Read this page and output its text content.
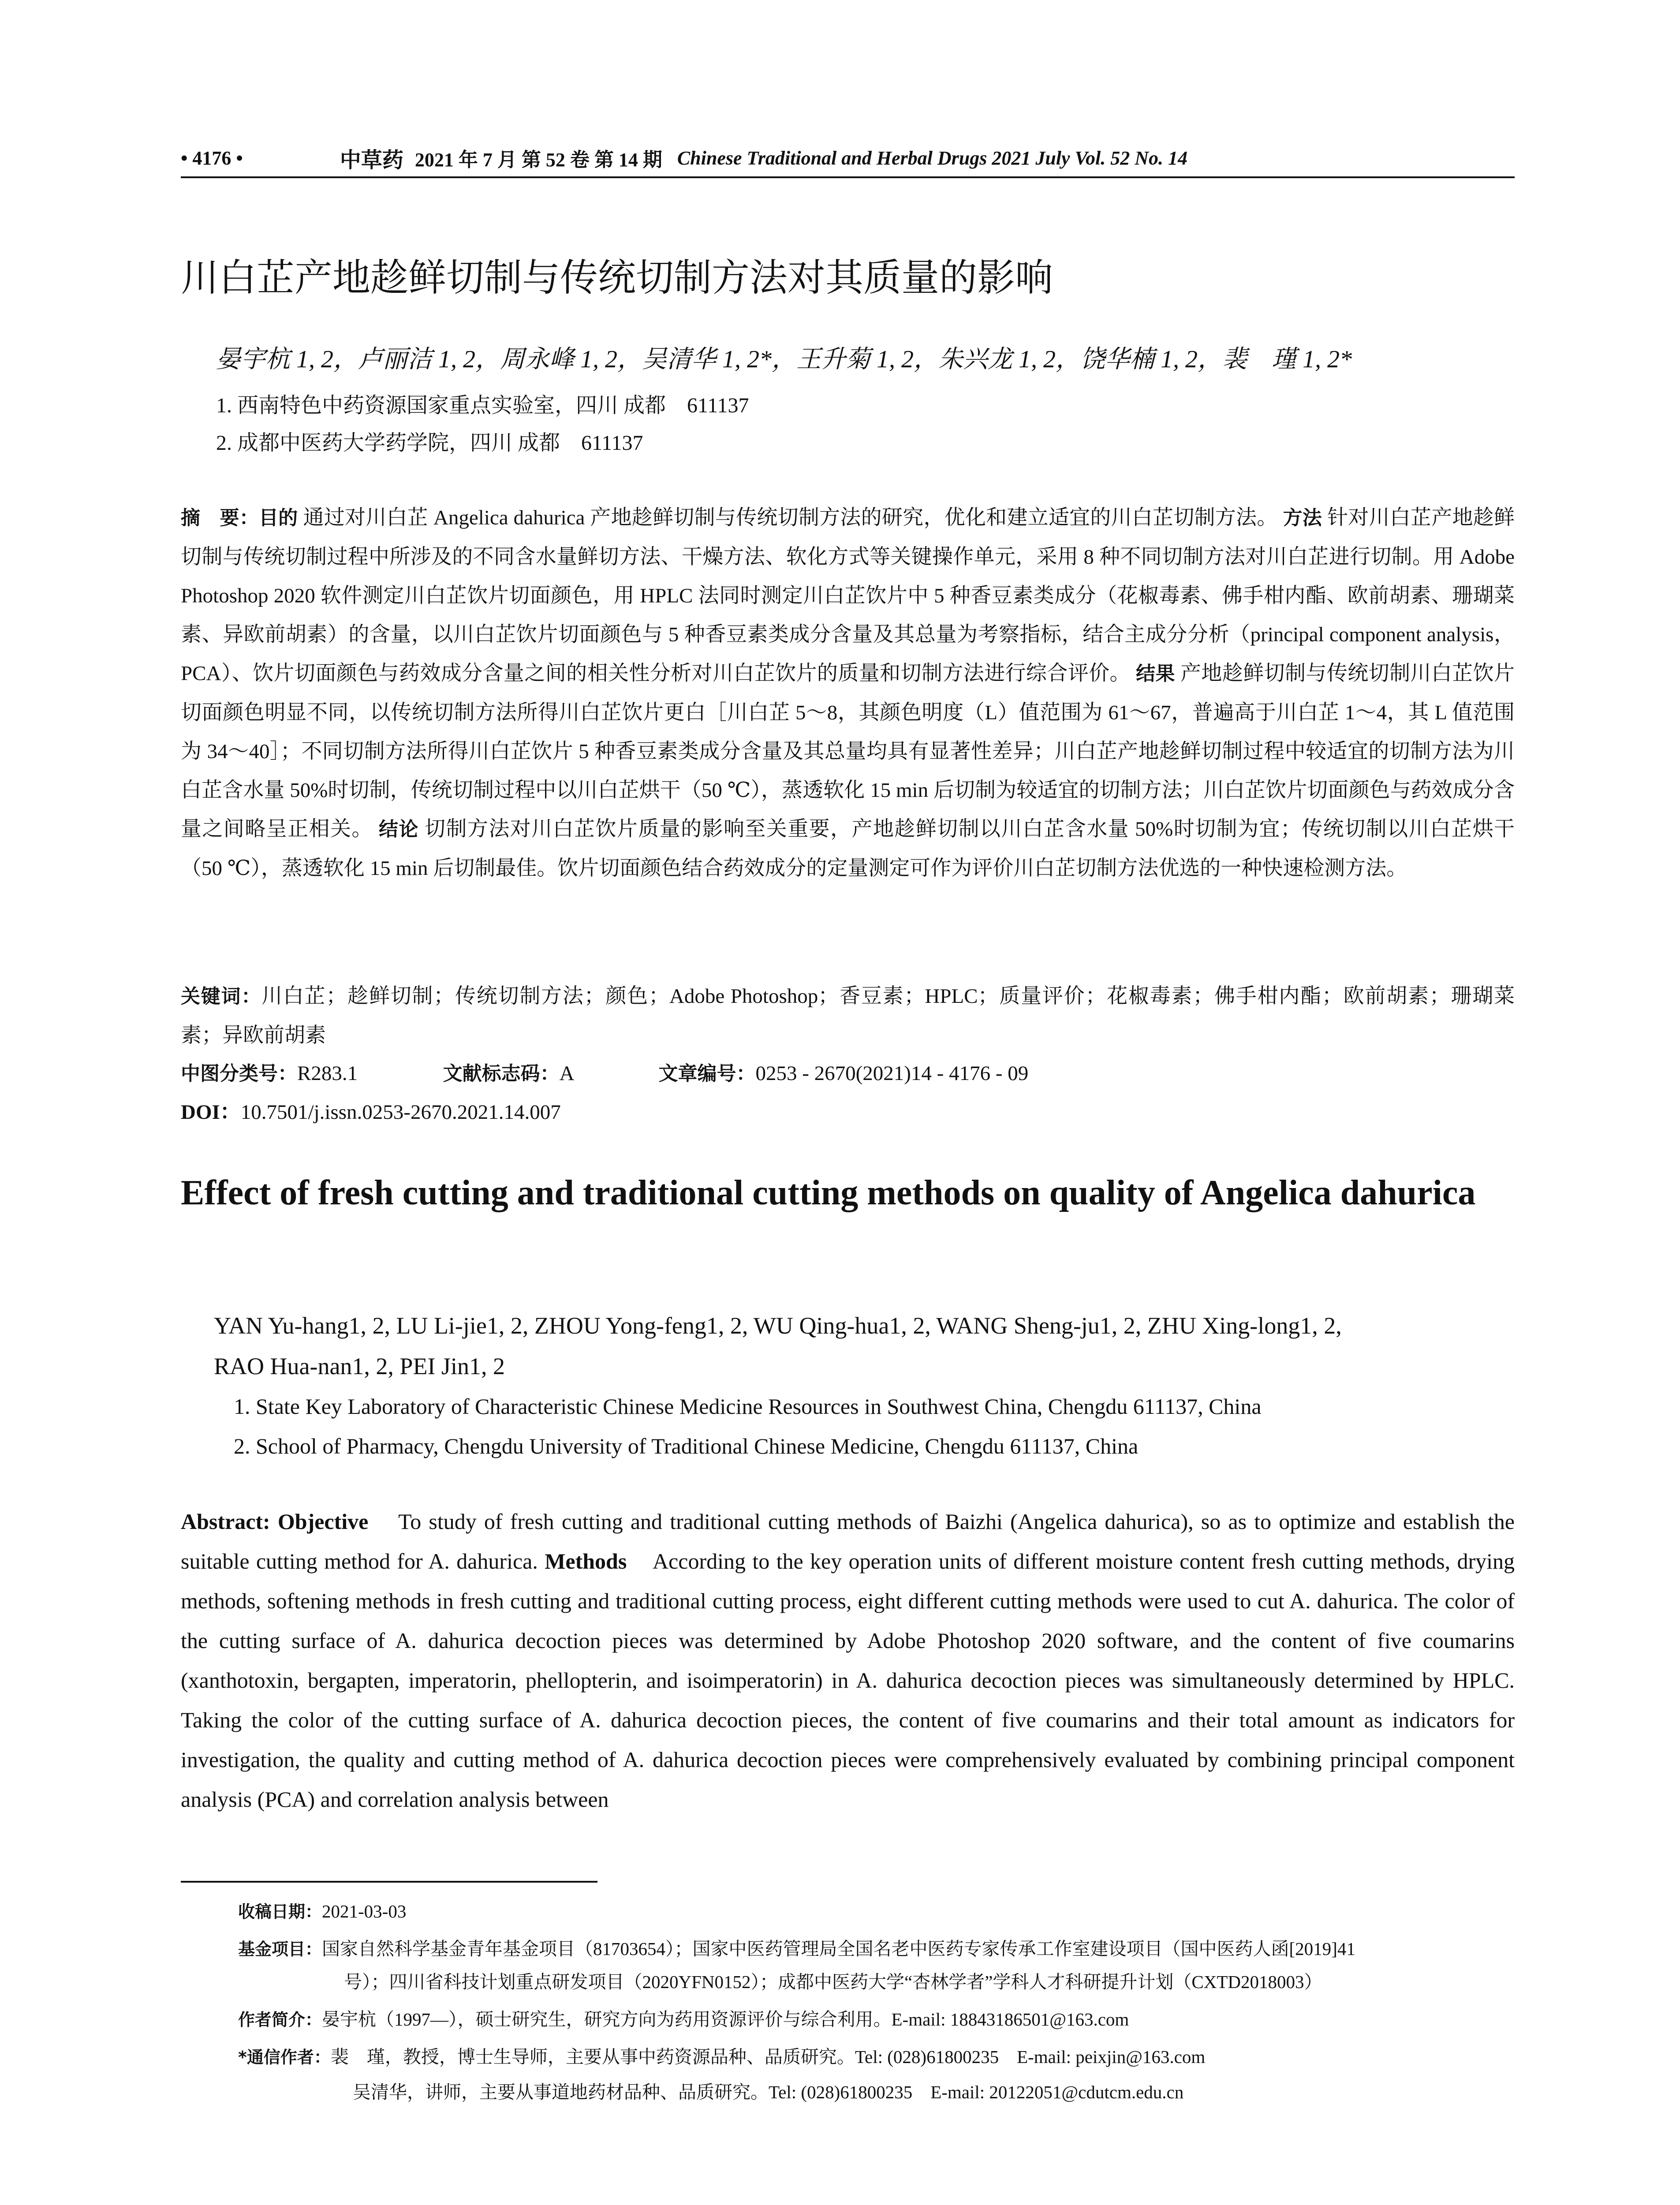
• 4176 •	中草药 2021 年 7 月 第 52 卷 第 14 期 Chinese Traditional and Herbal Drugs 2021 July Vol. 52 No. 14
川白芷产地趁鲜切制与传统切制方法对其质量的影响
晏宇杭 1, 2，卢丽洁 1, 2，周永峰 1, 2，吴清华 1, 2*，王升菊 1, 2，朱兴龙 1, 2，饶华楠 1, 2，裴　瑾 1, 2*
1. 西南特色中药资源国家重点实验室，四川 成都　611137
2. 成都中医药大学药学院，四川 成都　611137
摘　要：目的 通过对川白芷 Angelica dahurica 产地趁鲜切制与传统切制方法的研究，优化和建立适宜的川白芷切制方法。 方法 针对川白芷产地趁鲜切制与传统切制过程中所涉及的不同含水量鲜切方法、干燥方法、软化方式等关键操作单元，采用 8 种不同切制方法对川白芷进行切制。用 Adobe Photoshop 2020 软件测定川白芷饮片切面颜色，用 HPLC 法同时测定川白芷饮片中 5 种香豆素类成分（花椒毒素、佛手柑内酯、欧前胡素、珊瑚菜素、异欧前胡素）的含量，以川白芷饮片切面颜色与 5 种香豆素类成分含量及其总量为考察指标，结合主成分分析（principal component analysis，PCA）、饮片切面颜色与药效成分含量之间的相关性分析对川白芷饮片的质量和切制方法进行综合评价。 结果 产地趁鲜切制与传统切制川白芷饮片切面颜色明显不同，以传统切制方法所得川白芷饮片更白［川白芷 5～8，其颜色明度（L）值范围为 61～67，普遍高于川白芷 1～4，其 L 值范围为 34～40］；不同切制方法所得川白芷饮片 5 种香豆素类成分含量及其总量均具有显著性差异；川白芷产地趁鲜切制过程中较适宜的切制方法为川白芷含水量 50%时切制，传统切制过程中以川白芷烘干（50 ℃），蒸透软化 15 min 后切制为较适宜的切制方法；川白芷饮片切面颜色与药效成分含量之间略呈正相关。 结论 切制方法对川白芷饮片质量的影响至关重要，产地趁鲜切制以川白芷含水量 50%时切制为宜；传统切制以川白芷烘干（50 ℃），蒸透软化 15 min 后切制最佳。饮片切面颜色结合药效成分的定量测定可作为评价川白芷切制方法优选的一种快速检测方法。
关键词：川白芷；趁鲜切制；传统切制方法；颜色；Adobe Photoshop；香豆素；HPLC；质量评价；花椒毒素；佛手柑内酯；欧前胡素；珊瑚菜素；异欧前胡素
中图分类号：R283.1	文献标志码：A	文章编号：0253 - 2670(2021)14 - 4176 - 09
DOI：10.7501/j.issn.0253-2670.2021.14.007
Effect of fresh cutting and traditional cutting methods on quality of Angelica dahurica
YAN Yu-hang1, 2, LU Li-jie1, 2, ZHOU Yong-feng1, 2, WU Qing-hua1, 2, WANG Sheng-ju1, 2, ZHU Xing-long1, 2,
RAO Hua-nan1, 2, PEI Jin1, 2
1. State Key Laboratory of Characteristic Chinese Medicine Resources in Southwest China, Chengdu 611137, China
2. School of Pharmacy, Chengdu University of Traditional Chinese Medicine, Chengdu 611137, China
Abstract: Objective To study of fresh cutting and traditional cutting methods of Baizhi (Angelica dahurica), so as to optimize and establish the suitable cutting method for A. dahurica. Methods According to the key operation units of different moisture content fresh cutting methods, drying methods, softening methods in fresh cutting and traditional cutting process, eight different cutting methods were used to cut A. dahurica. The color of the cutting surface of A. dahurica decoction pieces was determined by Adobe Photoshop 2020 software, and the content of five coumarins (xanthotoxin, bergapten, imperatorin, phellopterin, and isoimperatorin) in A. dahurica decoction pieces was simultaneously determined by HPLC. Taking the color of the cutting surface of A. dahurica decoction pieces, the content of five coumarins and their total amount as indicators for investigation, the quality and cutting method of A. dahurica decoction pieces were comprehensively evaluated by combining principal component analysis (PCA) and correlation analysis between
收稿日期：2021-03-03
基金项目：国家自然科学基金青年基金项目（81703654）；国家中医药管理局全国名老中医药专家传承工作室建设项目（国中医药人函[2019]41
号）；四川省科技计划重点研发项目（2020YFN0152）；成都中医药大学“杏林学者”学科人才科研提升计划（CXTD2018003）
作者简介：晏宇杭（1997—），硕士研究生，研究方向为药用资源评价与综合利用。E-mail: 18843186501@163.com
*通信作者：裴　瑾，教授，博士生导师，主要从事中药资源品种、品质研究。Tel: (028)61800235　E-mail: peixjin@163.com
吴清华，讲师，主要从事道地药材品种、品质研究。Tel: (028)61800235　E-mail: 20122051@cdutcm.edu.cn
